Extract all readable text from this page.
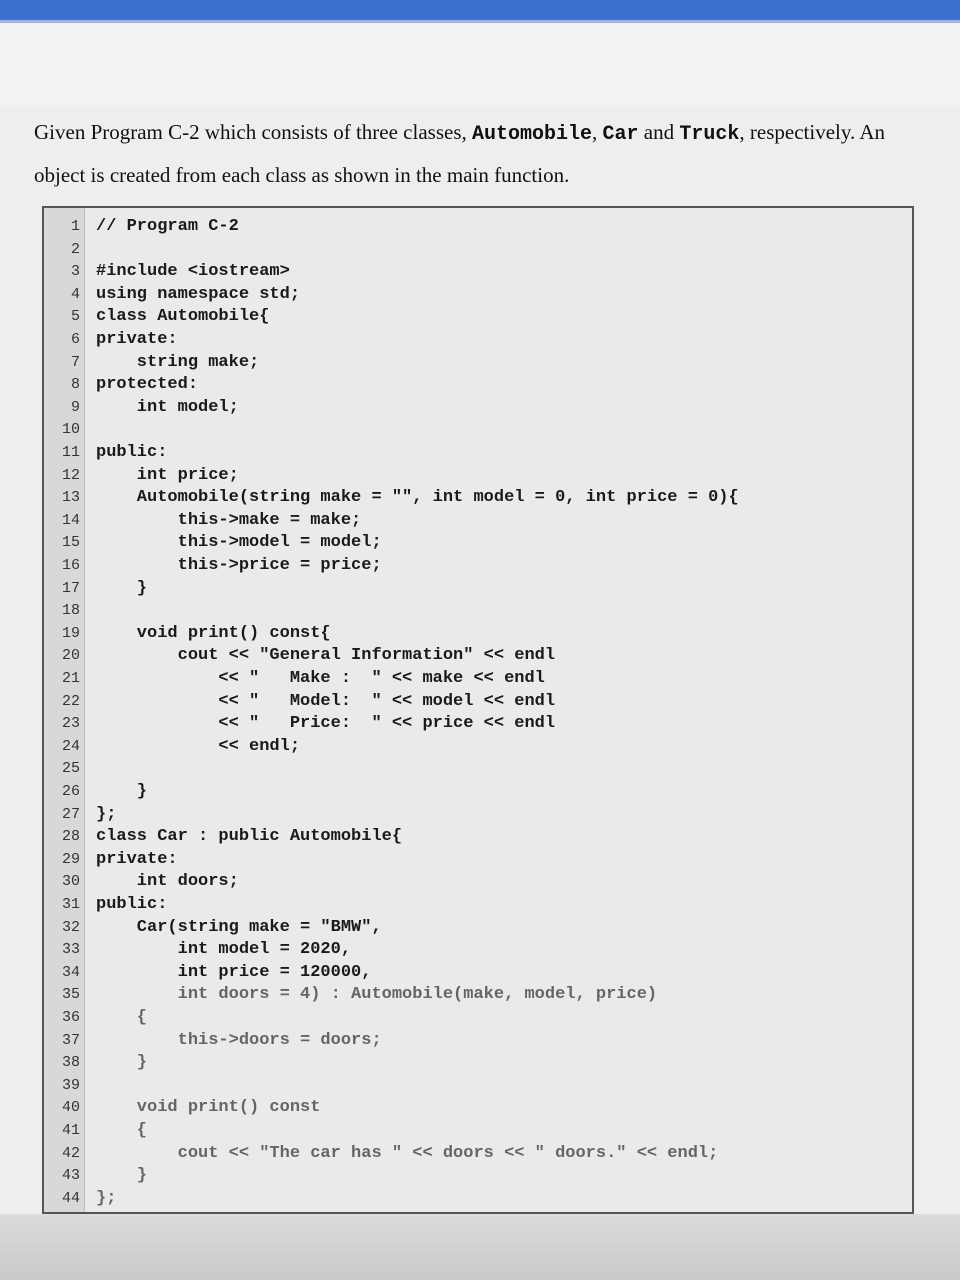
Given Program C-2 which consists of three classes, Automobile, Car and Truck, respectively. An object is created from each class as shown in the main function.
1 // Program C-2
2
3 #include <iostream>
4 using namespace std;
5 class Automobile{
6 private:
7 string make;
8 protected:
9 int model;
10
11 public:
12 int price;
13 Automobile(string make = "", int model = 0, int price = 0){
14 this->make = make;
15 this->model = model;
16 this->price = price;
17 }
18
19 void print() const{
20 cout << "General Information" << endl
21 << "   Make :  " << make << endl
22 << "   Model:  " << model << endl
23 << "   Price:  " << price << endl
24 << endl;
25
26 }
27 };
28 class Car : public Automobile{
29 private:
30 int doors;
31 public:
32 Car(string make = "BMW",
33 int model = 2020,
34 int price = 120000,
35 int doors = 4) : Automobile(make, model, price)
36 {
37 this->doors = doors;
38 }
39
40 void print() const
41 {
42 cout << "The car has " << doors << " doors." << endl;
43 }
44 };
